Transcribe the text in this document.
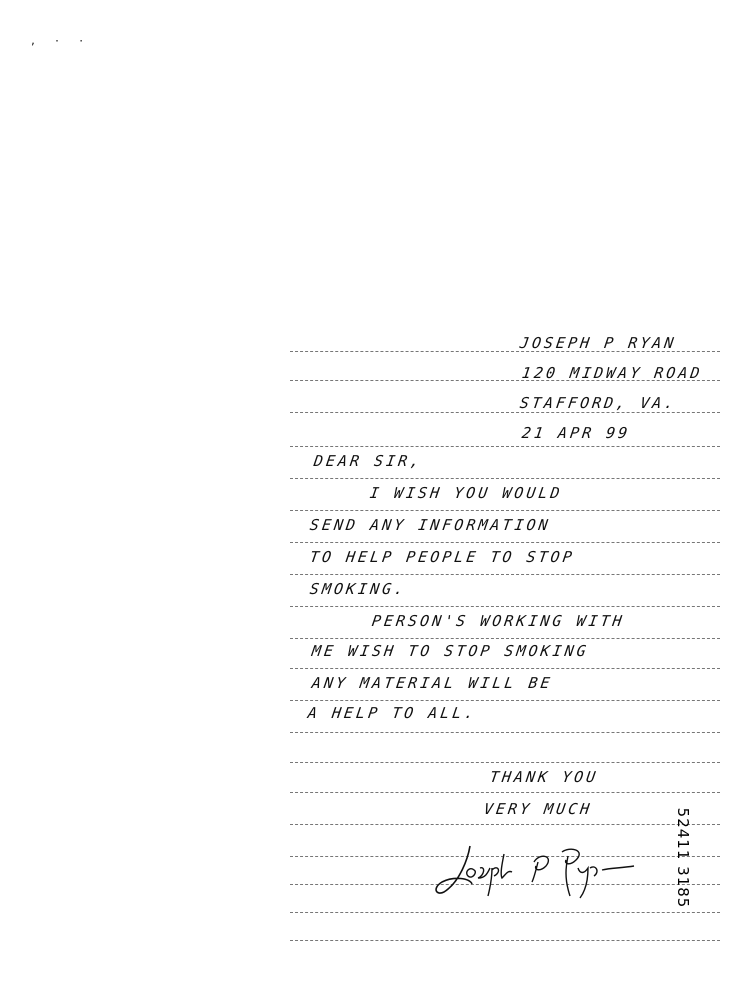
, · ·
JOSEPH P RYAN
120 MIDWAY ROAD
STAFFORD, VA.
21 APR 99
DEAR SIR,
I WISH YOU WOULD
SEND ANY INFORMATION
TO HELP PEOPLE TO STOP
SMOKING.
PERSON'S WORKING WITH
ME WISH TO STOP SMOKING
ANY MATERIAL WILL BE
A HELP TO ALL.
THANK YOU
VERY MUCH	52411 3185
